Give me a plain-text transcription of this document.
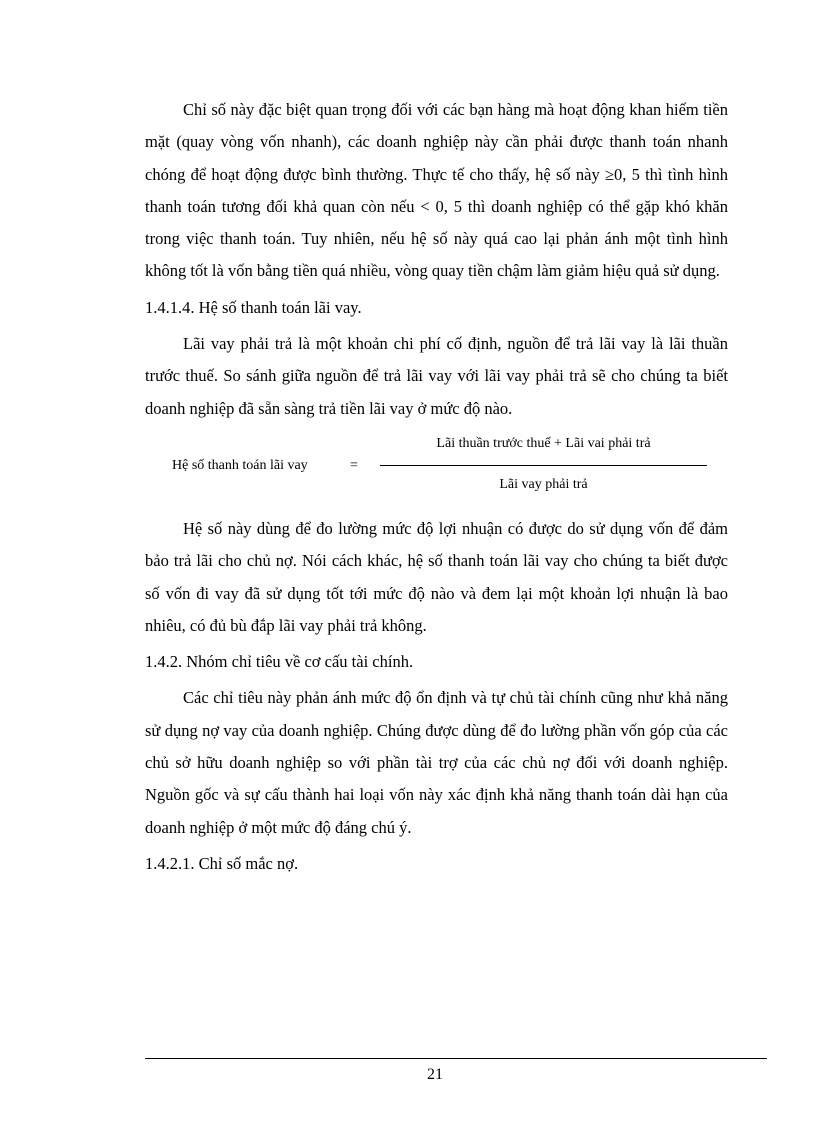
Chỉ số này đặc biệt quan trọng đối với các bạn hàng mà hoạt động khan hiếm tiền mặt (quay vòng vốn nhanh), các doanh nghiệp này cần phải được thanh toán nhanh chóng để hoạt động được bình thường. Thực tế cho thấy, hệ số này ≥0, 5 thì tình hình thanh toán tương đối khả quan còn nếu < 0, 5 thì doanh nghiệp có thể gặp khó khăn trong việc thanh toán. Tuy nhiên, nếu hệ số này quá cao lại phản ánh một tình hình không tốt là vốn bằng tiền quá nhiều, vòng quay tiền chậm làm giảm hiệu quả sử dụng.

1.4.1.4. Hệ số thanh toán lãi vay.

Lãi vay phải trả là một khoản chi phí cố định, nguồn để trả lãi vay là lãi thuần trước thuế. So sánh giữa nguồn để trả lãi vay với lãi vay phải trả sẽ cho chúng ta biết doanh nghiệp đã sẵn sàng trả tiền lãi vay ở mức độ nào.

Hệ số thanh toán lãi vay	=
Lãi thuần trước thuế + Lãi vai phải trả
Lãi vay phải trả

Hệ số này dùng để đo lường mức độ lợi nhuận có được do sử dụng vốn để đảm bảo trả lãi cho chủ nợ. Nói cách khác, hệ số thanh toán lãi vay cho chúng ta biết được số vốn đi vay đã sử dụng tốt tới mức độ nào và đem lại một khoản lợi nhuận là bao nhiêu, có đủ bù đắp lãi vay phải trả không.

1.4.2. Nhóm chỉ tiêu về cơ cấu tài chính.

Các chỉ tiêu này phản ánh mức độ ổn định và tự chủ tài chính cũng như khả năng sử dụng nợ vay của doanh nghiệp. Chúng được dùng để đo lường phần vốn góp của các chủ sở hữu doanh nghiệp so với phần tài trợ của các chủ nợ đối với doanh nghiệp. Nguồn gốc và sự cấu thành hai loại vốn này xác định khả năng thanh toán dài hạn của doanh nghiệp ở một mức độ đáng chú ý.

1.4.2.1. Chỉ số mắc nợ.

21
